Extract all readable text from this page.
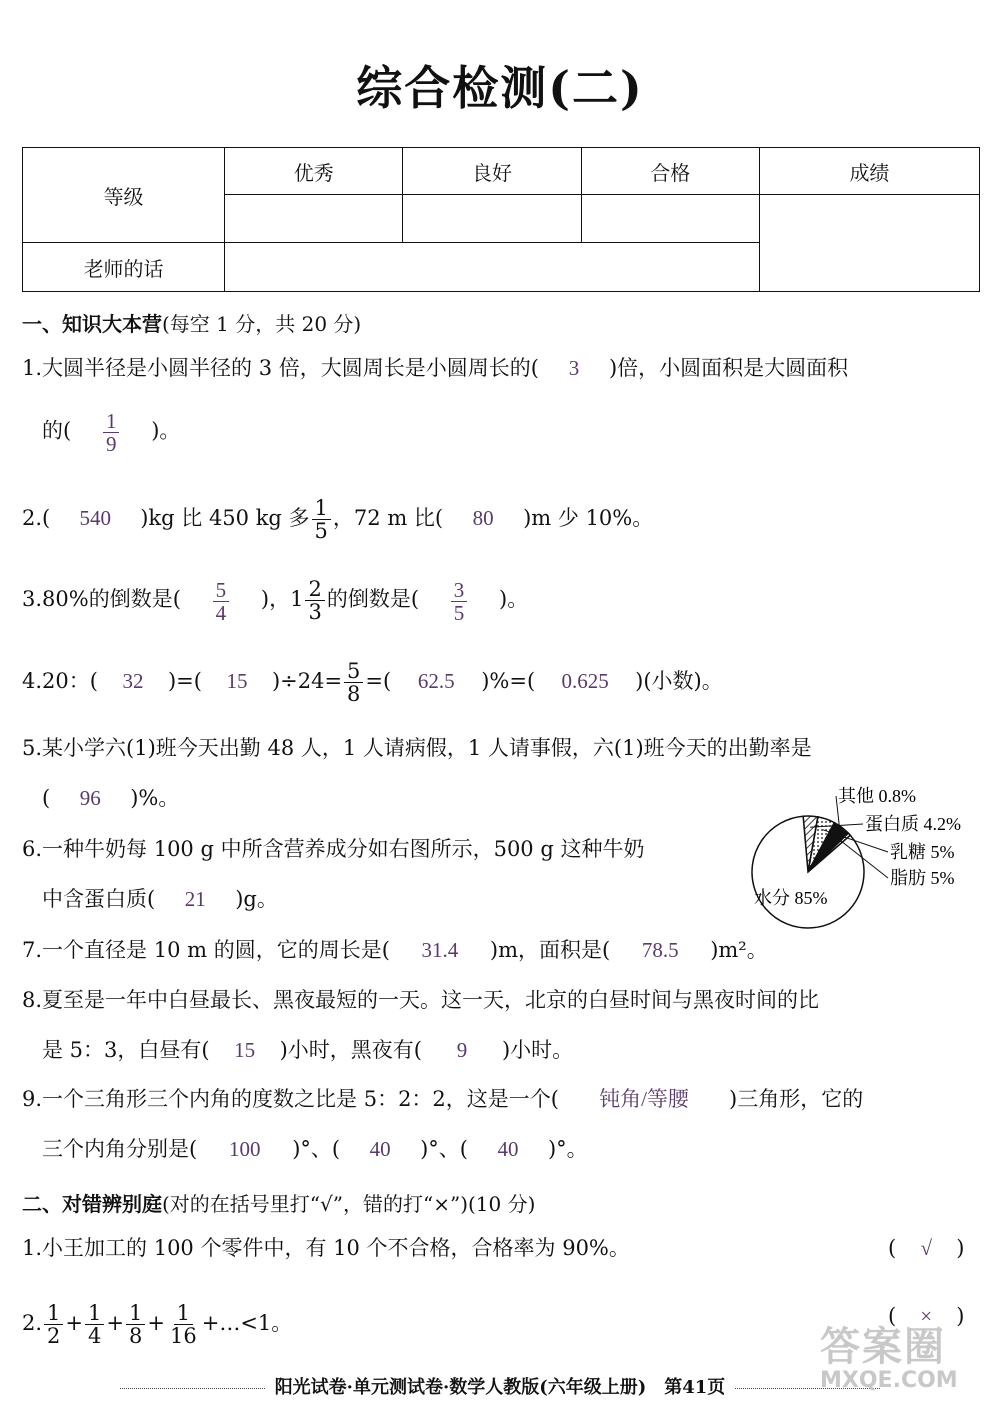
综合检测(二)
等级	优秀	良好	合格	成绩

老师的话				
一、知识大本营(每空 1 分，共 20 分)
1.大圆半径是小圆半径的 3 倍，大圆周长是小圆周长的( 3 )倍，小圆面积是大圆面积
的( $\frac{1}{9}$ )。
2.( 540 )kg 比 450 kg 多 $\frac{1}{5}$ ，72 m 比( 80 )m 少 10%。
3.80%的倒数是( $\frac{5}{4}$ )，$1 \frac{2}{3}$ 的倒数是( $\frac{3}{5}$ )。
4.20：( 32 )=( 15 )$\div 24= \frac{5}{8}$ =( 62.5 )%=( 0.625 )(小数)。
5.某小学六(1)班今天出勤 48 人，1 人请病假，1 人请事假，六(1)班今天的出勤率是
( 96 )%。
6.一种牛奶每 100 g 中所含营养成分如右图所示，500 g 这种牛奶
中含蛋白质( 21 )g。
其他 0.8%
蛋白质 4.2%
乳糖 5%
脂肪 5%
水分 85%
7.一个直径是 10 m 的圆，它的周长是( 31.4 )m，面积是( 78.5 )m²。
8.夏至是一年中白昼最长、黑夜最短的一天。这一天，北京的白昼时间与黑夜时间的比
是 5：3，白昼有( 15 )小时，黑夜有( 9 )小时。
9.一个三角形三个内角的度数之比是 5：2：2，这是一个( 钝角/等腰 )三角形，它的
三个内角分别是( 100 )°、( 40 )°、( 40 )°。
二、对错辨别庭(对的在括号里打“√”，错的打“×”)(10 分)
1.小王加工的 100 个零件中，有 10 个不合格，合格率为 90%。	( √ )
2. $\frac{1}{2} + \frac{1}{4} + \frac{1}{8} + \frac{1}{16}$ +…<1。	( × )
阳光试卷·单元测试卷·数学人教版(六年级上册)　第41页
答案圈
MXQE.COM
